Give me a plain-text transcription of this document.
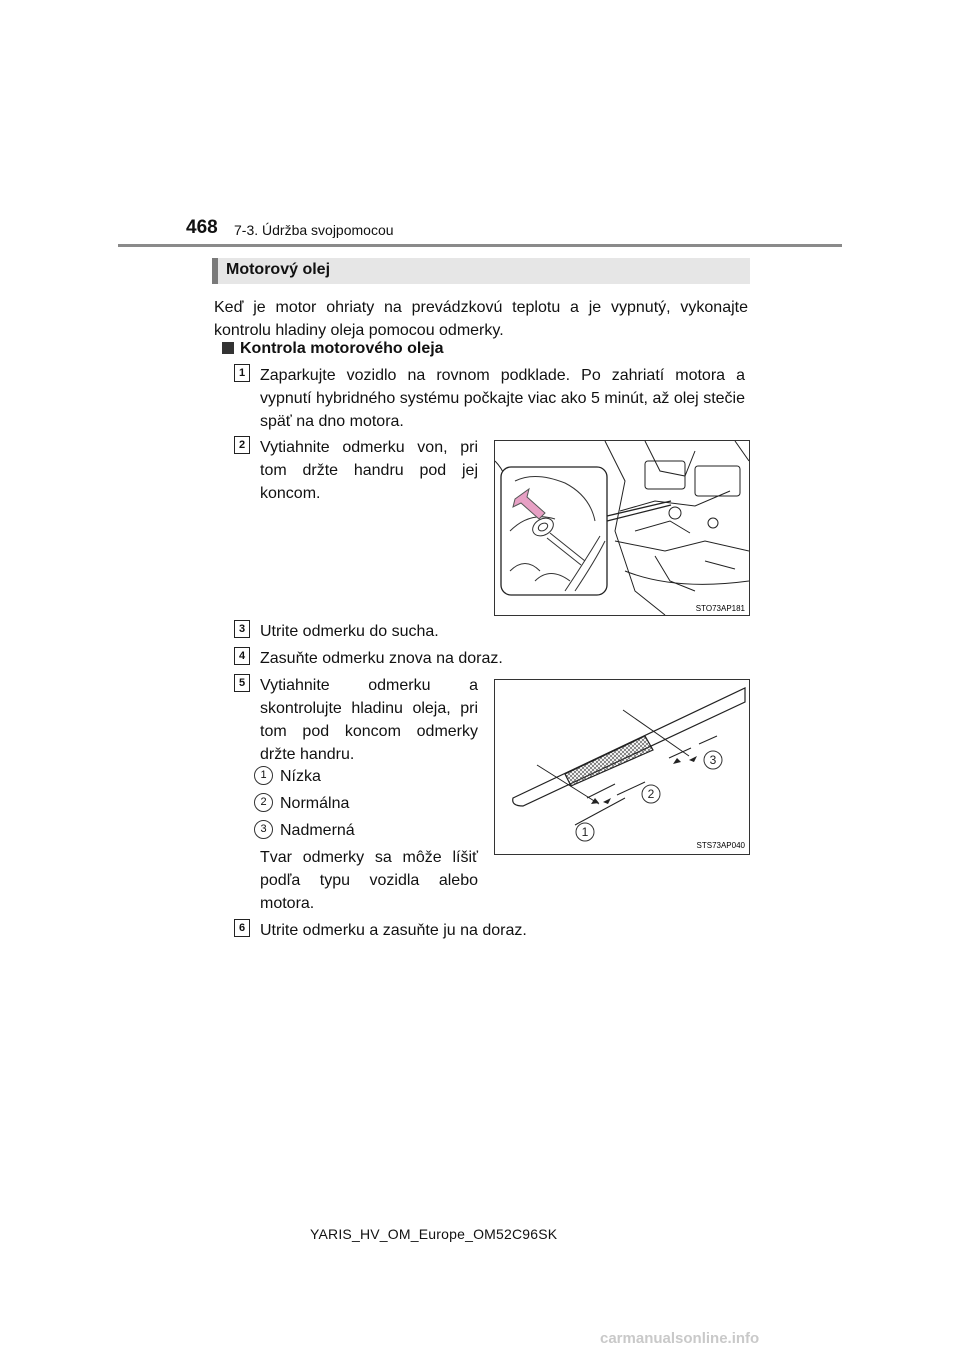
468 7-3. Údržba svojpomocou
Motorový olej
Keď je motor ohriaty na prevádzkovú teplotu a je vypnutý, vykonajte kontrolu hladiny oleja pomocou odmerky.
Kontrola motorového oleja
1 Zaparkujte vozidlo na rovnom podklade. Po zahriatí motora a vypnutí hybridného systému počkajte viac ako 5 minút, až olej stečie späť na dno motora.
2 Vytiahnite odmerku von, pri tom držte handru pod jej koncom.
STO73AP181
3 Utrite odmerku do sucha.
4 Zasuňte odmerku znova na doraz.
5 Vytiahnite odmerku a skontrolujte hladinu oleja, pri tom pod koncom odmerky držte handru.
1 Nízka
2 Normálna
3 Nadmerná
Tvar odmerky sa môže líšiť podľa typu vozidla alebo motora.
1
2
3
STS73AP040
6 Utrite odmerku a zasuňte ju na doraz.
YARIS_HV_OM_Europe_OM52C96SK
carmanualsonline.info
